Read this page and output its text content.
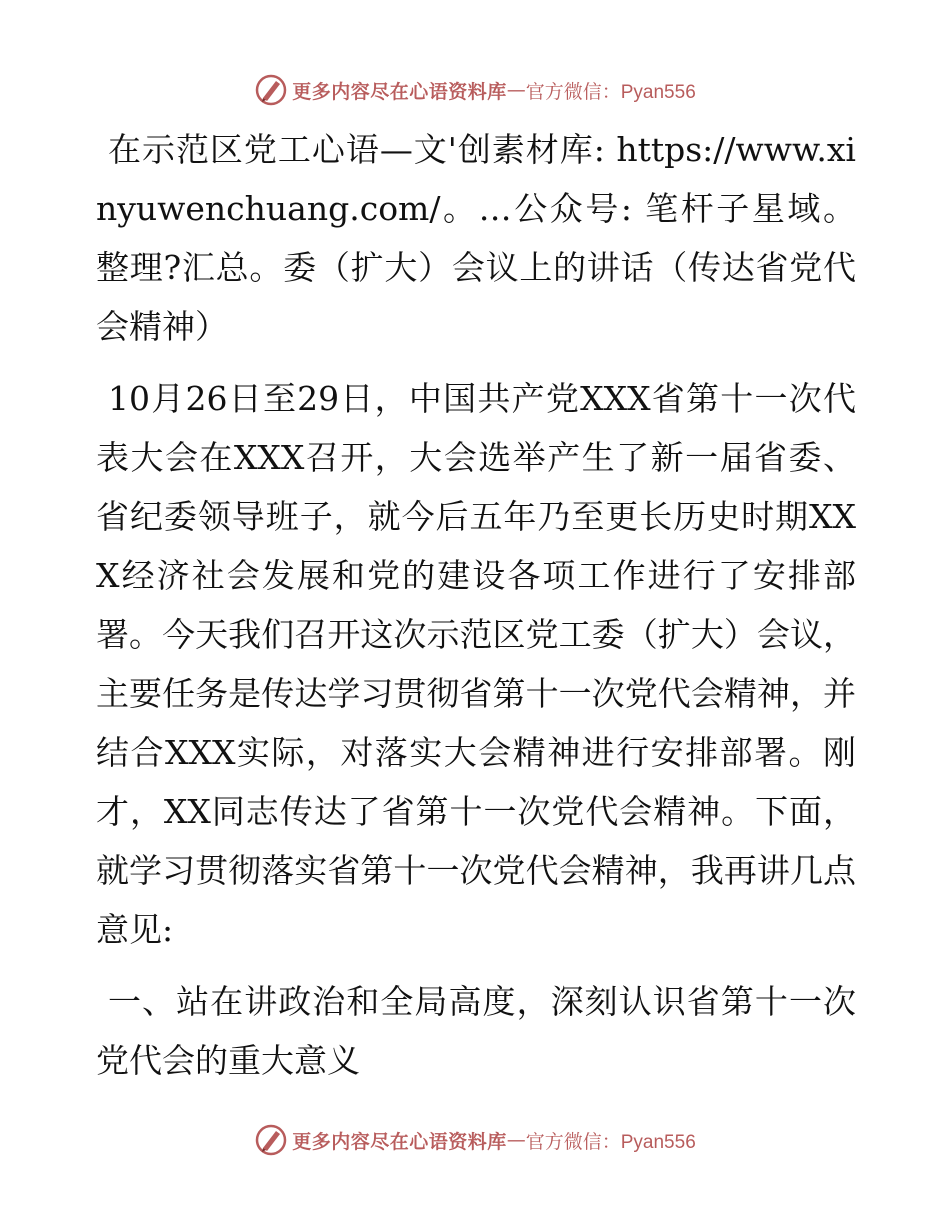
更多内容尽在心语资料库 — 官方微信：Pyan556

在示范区党工心语—文'创素材库: https://www.xinyuwenchuang.com/。…公众号: 笔杆子星域。整理?汇总。委（扩大）会议上的讲话（传达省党代会精神）

10月26日至29日，中国共产党XXX省第十一次代表大会在XXX召开，大会选举产生了新一届省委、省纪委领导班子，就今后五年乃至更长历史时期XXX经济社会发展和党的建设各项工作进行了安排部署。今天我们召开这次示范区党工委（扩大）会议，主要任务是传达学习贯彻省第十一次党代会精神，并结合XXX实际，对落实大会精神进行安排部署。刚才，XX同志传达了省第十一次党代会精神。下面，就学习贯彻落实省第十一次党代会精神，我再讲几点意见:

一、站在讲政治和全局高度，深刻认识省第十一次党代会的重大意义

更多内容尽在心语资料库 — 官方微信：Pyan556
